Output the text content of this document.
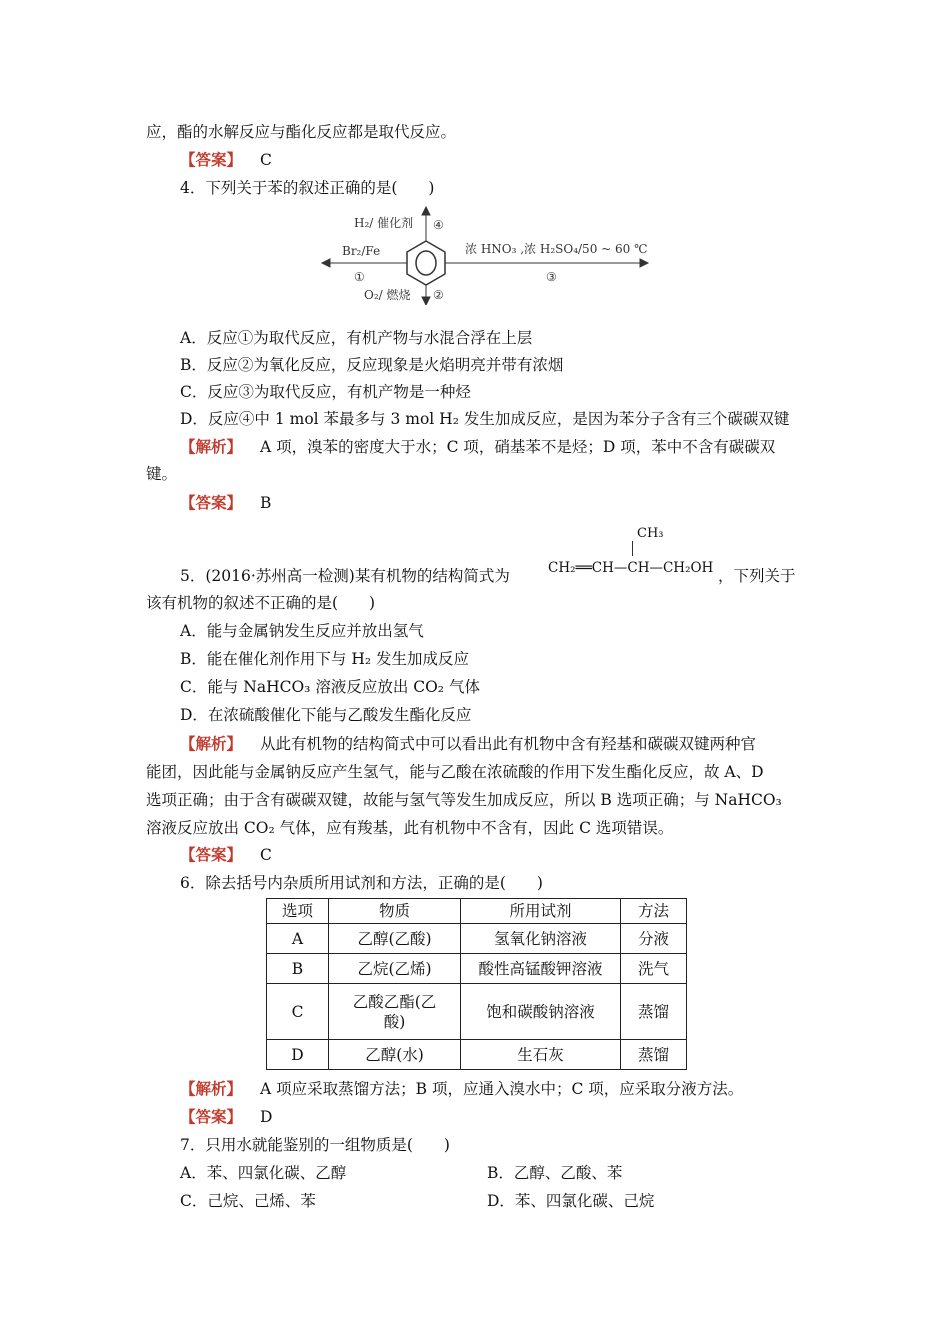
应，酯的水解反应与酯化反应都是取代反应。
【答案】 C
4．下列关于苯的叙述正确的是(　　)
H₂/ 催化剂 ④
Br₂/Fe
①
浓 HNO₃ ,浓 H₂SO₄/50 ~ 60 ℃
③
O₂/ 燃烧 ②
A．反应①为取代反应，有机产物与水混合浮在上层
B．反应②为氧化反应，反应现象是火焰明亮并带有浓烟
C．反应③为取代反应，有机产物是一种烃
D．反应④中 1 mol 苯最多与 3 mol H₂ 发生加成反应，是因为苯分子含有三个碳碳双键
【解析】 A 项，溴苯的密度大于水；C 项，硝基苯不是烃；D 项，苯中不含有碳碳双
键。
【答案】 B
CH₃
5．(2016·苏州高一检测)某有机物的结构简式为	CH₂══CH—CH—CH₂OH ，下列关于
该有机物的叙述不正确的是(　　)
A．能与金属钠发生反应并放出氢气
B．能在催化剂作用下与 H₂ 发生加成反应
C．能与 NaHCO₃ 溶液反应放出 CO₂ 气体
D．在浓硫酸催化下能与乙酸发生酯化反应
【解析】 从此有机物的结构简式中可以看出此有机物中含有羟基和碳碳双键两种官
能团，因此能与金属钠反应产生氢气，能与乙酸在浓硫酸的作用下发生酯化反应，故 A、D
选项正确；由于含有碳碳双键，故能与氢气等发生加成反应，所以 B 选项正确；与 NaHCO₃
溶液反应放出 CO₂ 气体，应有羧基，此有机物中不含有，因此 C 选项错误。
【答案】 C
6．除去括号内杂质所用试剂和方法，正确的是(　　)
选项	物质	所用试剂	方法
A	乙醇(乙酸)	氢氧化钠溶液	分液
B	乙烷(乙烯)	酸性高锰酸钾溶液	洗气
C	乙酸乙酯(乙酸)	饱和碳酸钠溶液	蒸馏
D	乙醇(水)	生石灰	蒸馏
【解析】 A 项应采取蒸馏方法；B 项，应通入溴水中；C 项，应采取分液方法。
【答案】 D
7．只用水就能鉴别的一组物质是(　　)
A．苯、四氯化碳、乙醇	B．乙醇、乙酸、苯
C．己烷、己烯、苯	D．苯、四氯化碳、己烷
